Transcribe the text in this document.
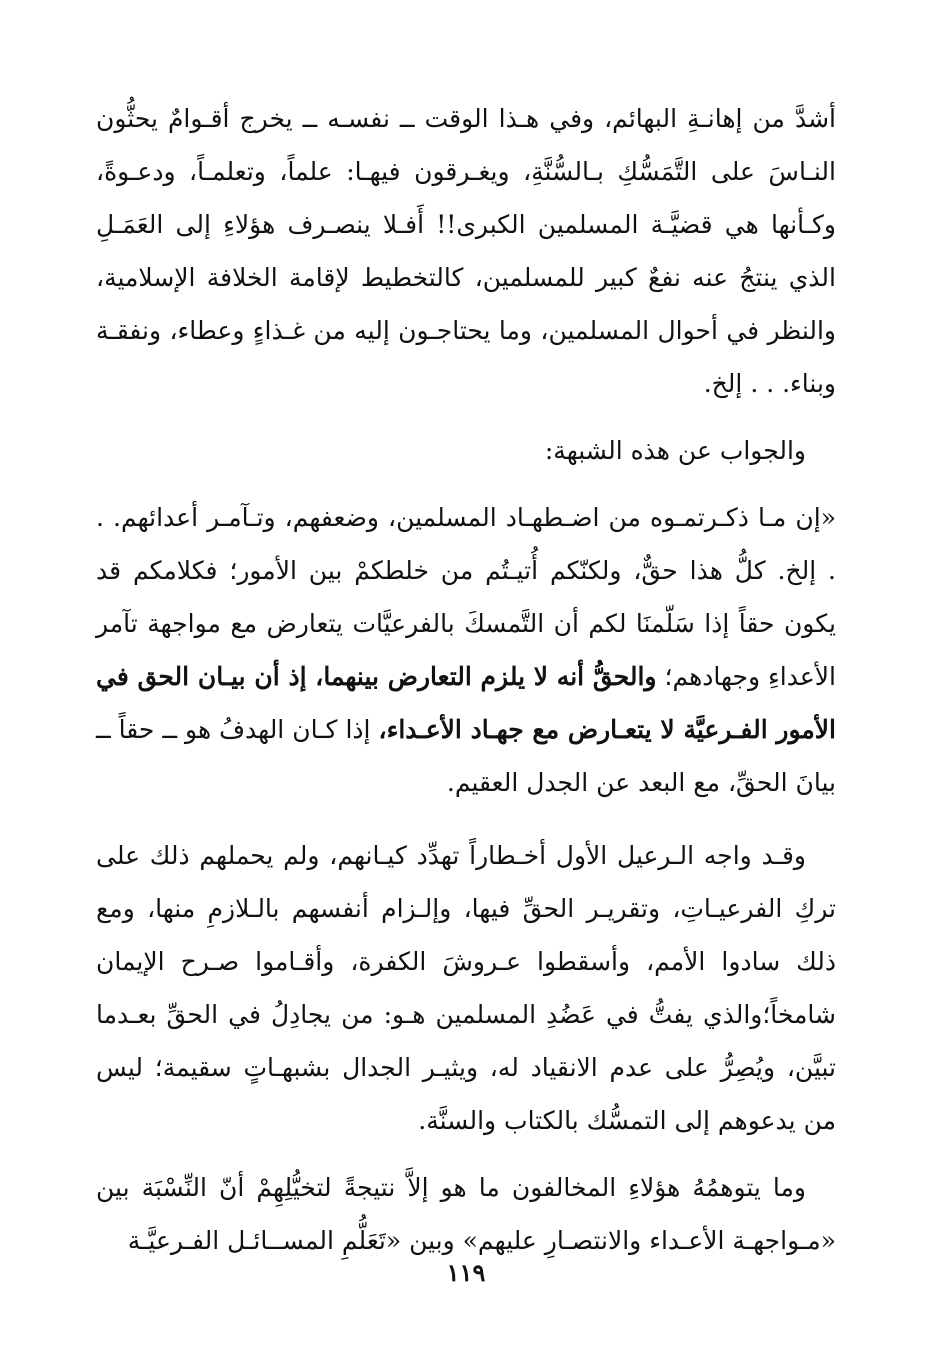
أشدَّ من إهانـةِ البهائم، وفي هـذا الوقت ــ نفسـه ــ يخرج أقـوامٌ يحثُّون النـاسَ على التَّمَسُّكِ بـالسُّنَّةِ، ويغـرقون فيهـا: علماً، وتعلمـاً، ودعـوةً، وكـأنها هي قضيَّـة المسلمين الكبرى!! أَفـلا ينصـرف هؤلاءِ إلى العَمَـلِ الذي ينتجُ عنه نفعٌ كبير للمسلمين، كالتخطيط لإقامة الخلافة الإسلامية، والنظر في أحوال المسلمين، وما يحتاجـون إليه من غـذاءٍ وعطاء، ونفقـة وبناء. . . إلخ.

والجواب عن هذه الشبهة:

«إن مـا ذكـرتمـوه من اضـطهـاد المسلمين، وضعفهم، وتـآمـر أعدائهم. . . إلخ. كلُّ هذا حقٌّ، ولكنّكم أُتيـتُم من خلطكمْ بين الأمور؛ فكلامكم قد يكون حقاً إذا سَلّمنَا لكم أن التَّمسكَ بالفرعيَّات يتعارض مع مواجهة تآمر الأعداءِ وجهادهم؛ والحقُّ أنه لا يلزم التعارض بينهما، إذ أن بيـان الحق في الأمور الفـرعيَّة لا يتعـارض مع جهـاد الأعـداء، إذا كـان الهدفُ هو ــ حقاً ــ بيانَ الحقِّ، مع البعد عن الجدل العقيم.

وقـد واجه الـرعيل الأول أخـطاراً تهدِّد كيـانهم، ولم يحملهم ذلك على تركِ الفرعيـاتِ، وتقريـر الحقِّ فيها، وإلـزام أنفسهم بالـلازمِ منها، ومع ذلك سادوا الأمم، وأسقطوا عـروشَ الكفرة، وأقـاموا صـرح الإيمان شامخاً؛والذي يفتُّ في عَضُدِ المسلمين هـو: من يجادِلُ في الحقِّ بعـدما تبيَّن، ويُصِرُّ على عدم الانقياد له، ويثيـر الجدال بشبهـاتٍ سقيمة؛ ليس من يدعوهم إلى التمسُّك بالكتاب والسنَّة.

وما يتوهمُهُ هؤلاءِ المخالفون ما هو إلاَّ نتيجةً لتخيُّلِهِمْ أنّ النِّسْبَة بين «مـواجهـة الأعـداء والانتصـارِ عليهم» وبين «تَعَلُّمِ المســائـل الفـرعيَّـة

١١٩
